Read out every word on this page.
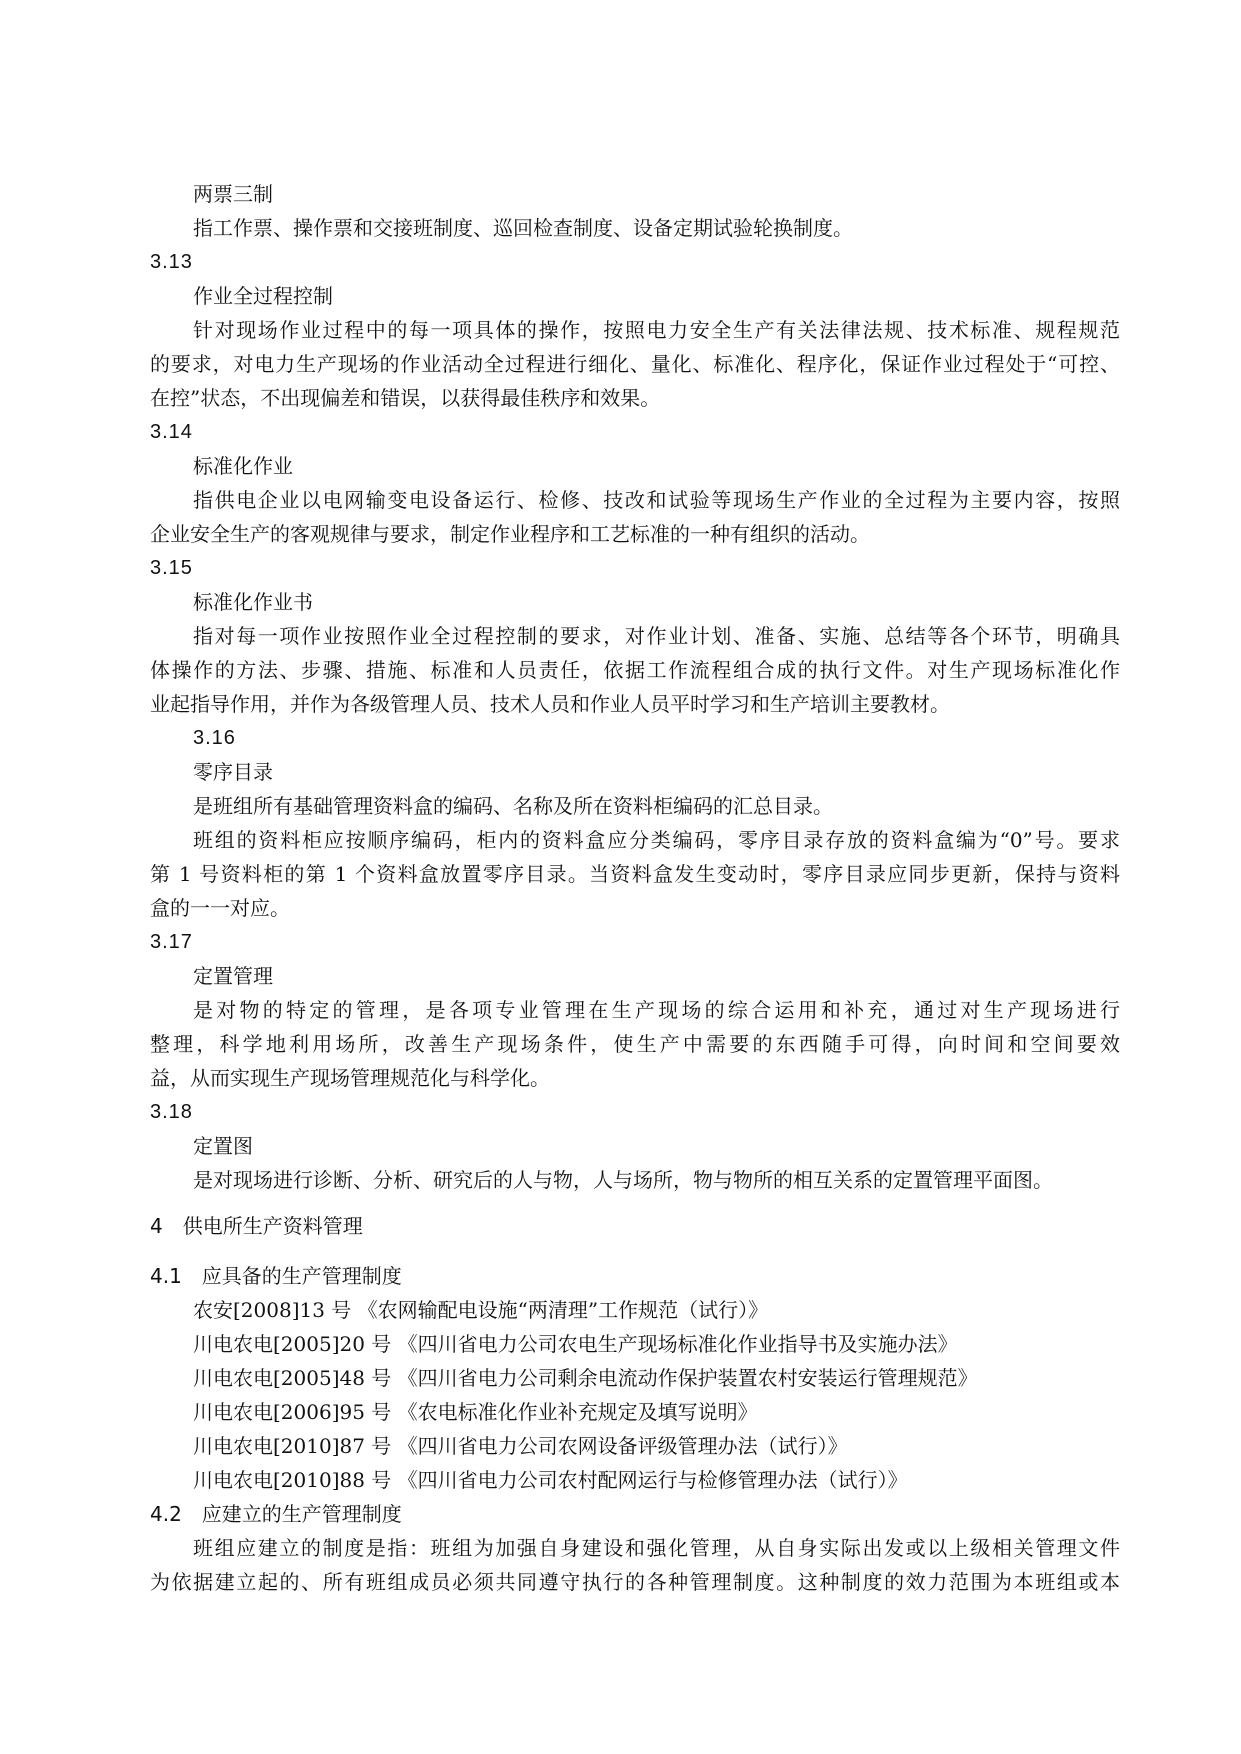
两票三制
指工作票、操作票和交接班制度、巡回检查制度、设备定期试验轮换制度。
3.13
作业全过程控制
针对现场作业过程中的每一项具体的操作，按照电力安全生产有关法律法规、技术标准、规程规范
的要求，对电力生产现场的作业活动全过程进行细化、量化、标准化、程序化，保证作业过程处于“可控、
在控”状态，不出现偏差和错误，以获得最佳秩序和效果。
3.14
标准化作业
指供电企业以电网输变电设备运行、检修、技改和试验等现场生产作业的全过程为主要内容，按照
企业安全生产的客观规律与要求，制定作业程序和工艺标准的一种有组织的活动。
3.15
标准化作业书
指对每一项作业按照作业全过程控制的要求，对作业计划、准备、实施、总结等各个环节，明确具
体操作的方法、步骤、措施、标准和人员责任，依据工作流程组合成的执行文件。对生产现场标准化作
业起指导作用，并作为各级管理人员、技术人员和作业人员平时学习和生产培训主要教材。
3.16
零序目录
是班组所有基础管理资料盒的编码、名称及所在资料柜编码的汇总目录。
班组的资料柜应按顺序编码，柜内的资料盒应分类编码，零序目录存放的资料盒编为“0”号。要求
第 1 号资料柜的第 1 个资料盒放置零序目录。当资料盒发生变动时，零序目录应同步更新，保持与资料
盒的一一对应。
3.17
定置管理
是对物的特定的管理，是各项专业管理在生产现场的综合运用和补充，通过对生产现场进行
整理，科学地利用场所，改善生产现场条件，使生产中需要的东西随手可得，向时间和空间要效
益，从而实现生产现场管理规范化与科学化。
3.18
定置图
是对现场进行诊断、分析、研究后的人与物，人与场所，物与物所的相互关系的定置管理平面图。
4　供电所生产资料管理
4.1　应具备的生产管理制度
农安[2008]13 号 《农网输配电设施“两清理”工作规范（试行）》
川电农电[2005]20 号 《四川省电力公司农电生产现场标准化作业指导书及实施办法》
川电农电[2005]48 号 《四川省电力公司剩余电流动作保护装置农村安装运行管理规范》
川电农电[2006]95 号 《农电标准化作业补充规定及填写说明》
川电农电[2010]87 号 《四川省电力公司农网设备评级管理办法（试行）》
川电农电[2010]88 号 《四川省电力公司农村配网运行与检修管理办法（试行）》
4.2　应建立的生产管理制度
班组应建立的制度是指：班组为加强自身建设和强化管理，从自身实际出发或以上级相关管理文件
为依据建立起的、所有班组成员必须共同遵守执行的各种管理制度。这种制度的效力范围为本班组或本
